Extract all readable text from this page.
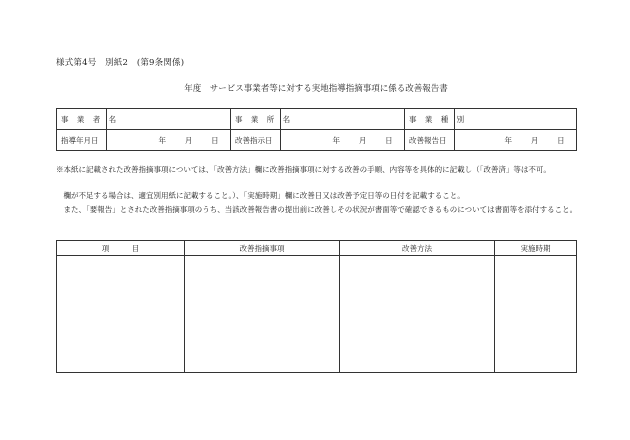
様式第4号　別紙2　(第9条関係)
年度　サービス事業者等に対する実地指導指摘事項に係る改善報告書
事 業 者 名		事 業 所 名		事 業 種 別	
指導年月日	年 月 日	改善指示日	年 月 日	改善報告日	年 月 日
※本紙に記載された改善指摘事項については、「改善方法」欄に改善指摘事項に対する改善の手順、内容等を具体的に記載し（「改善済」等は不可。
　欄が不足する場合は、適宜別用紙に記載すること。）、「実施時期」欄に改善日又は改善予定日等の日付を記載すること。
　また、「要報告」とされた改善指摘事項のうち、当該改善報告書の提出前に改善しその状況が書面等で確認できるものについては書面等を添付すること。
項　　　目	改善指摘事項	改善方法	実施時期
